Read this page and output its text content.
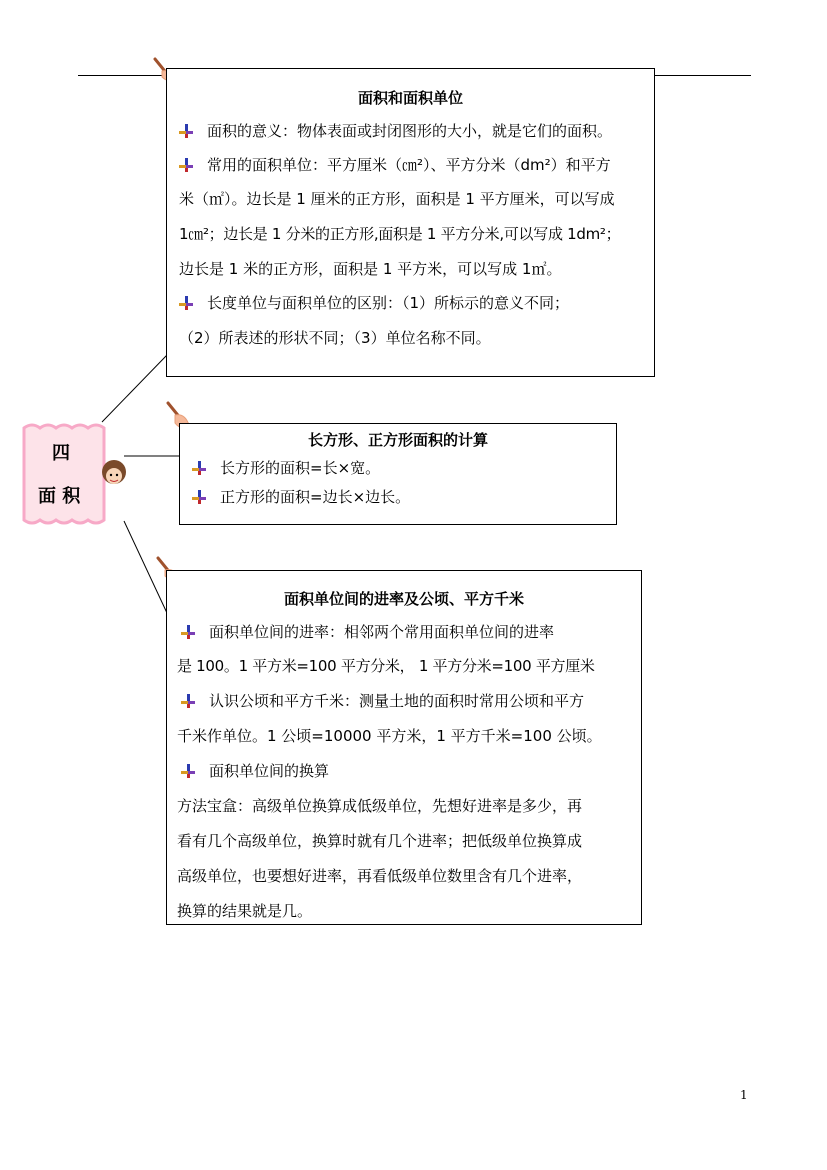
四
面 积
面积和面积单位
面积的意义：物体表面或封闭图形的大小，就是它们的面积。
常用的面积单位：平方厘米（㎝²）、平方分米（dm²）和平方
米（㎡）。边长是 1 厘米的正方形，面积是 1 平方厘米，可以写成
1㎝²；边长是 1 分米的正方形,面积是 1 平方分米,可以写成 1dm²；
边长是 1 米的正方形，面积是 1 平方米，可以写成 1㎡。
长度单位与面积单位的区别：（1）所标示的意义不同；
（2）所表述的形状不同；（3）单位名称不同。
长方形、正方形面积的计算
长方形的面积=长×宽。
正方形的面积=边长×边长。
面积单位间的进率及公顷、平方千米
面积单位间的进率：相邻两个常用面积单位间的进率
是 100。1 平方米=100 平方分米， 1 平方分米=100 平方厘米
认识公顷和平方千米：测量土地的面积时常用公顷和平方
千米作单位。1 公顷=10000 平方米，1 平方千米=100 公顷。
面积单位间的换算
方法宝盒：高级单位换算成低级单位，先想好进率是多少，再
看有几个高级单位，换算时就有几个进率；把低级单位换算成
高级单位，也要想好进率，再看低级单位数里含有几个进率，
换算的结果就是几。
1
